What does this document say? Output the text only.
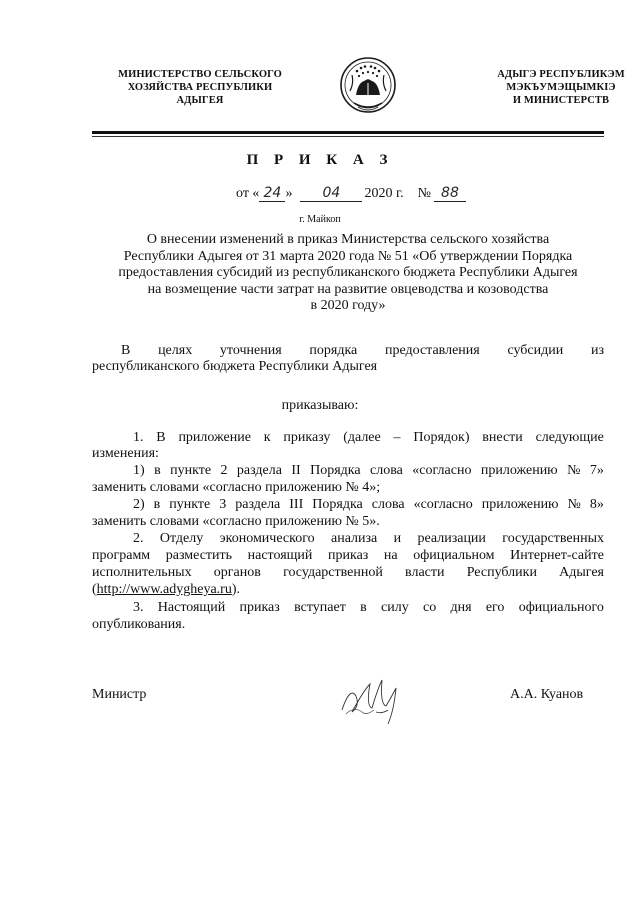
МИНИСТЕРСТВО СЕЛЬСКОГО
ХОЗЯЙСТВА РЕСПУБЛИКИ
АДЫГЕЯ
АДЫГЭ РЕСПУБЛИКЭМ
МЭКЪУМЭЩЫМКIЭ
И МИНИСТЕРСТВ
П Р И К А З
от « 24 » 04 2020 г. № 88
г. Майкоп
О внесении изменений в приказ Министерства сельского хозяйства
Республики Адыгея от 31 марта 2020 года № 51 «Об утверждении Порядка
предоставления субсидий из республиканского бюджета Республики Адыгея
на возмещение части затрат на развитие овцеводства и козоводства
в 2020 году»
В целях уточнения порядка предоставления субсидии из
республиканского бюджета Республики Адыгея
приказываю:
1. В приложение к приказу (далее – Порядок) внести следующие
изменения:
1) в пункте 2 раздела II Порядка слова «согласно приложению № 7»
заменить словами «согласно приложению № 4»;
2) в пункте 3 раздела III Порядка слова «согласно приложению № 8»
заменить словами «согласно приложению № 5».
2. Отделу экономического анализа и реализации государственных
программ разместить настоящий приказ на официальном Интернет-сайте
исполнительных органов государственной власти Республики Адыгея
(http://www.adygheya.ru).
3. Настоящий приказ вступает в силу со дня его официального
опубликования.
Министр	А.А. Куанов
